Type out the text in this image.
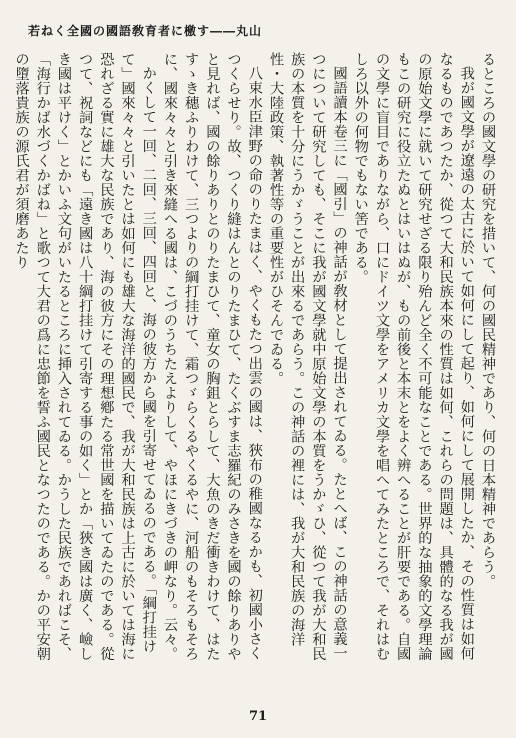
若ねく全國の國語敎育者に檄す――丸山

るところの國文學の研究を措いて、何の國民精神であり、何の日本精神であらう。

我が國文學が遼遠の太古に於いて如何にして起り、如何にして展開したか、その性質は如何なるものであつたか、從つて大和民族本來の性質は如何、これらの問題は、具體的なる我が國の原始文學に就いて研究せざる限り殆んど全く不可能なことである。世界的な抽象的文學理論もこの研究に役立たぬとはいはぬが、もの前後と本末とをよく辨へることが肝要である。自國の文學に盲目でありながら、口にドイツ文學をアメリカ文學を唱へてみたところで、それはむしろ以外の何物でもない筈である。

國語讀本卷三に「國引」の神話が敎材として提出されてゐる。たとへば、この神話の意義一つについて研究しても、そこに我が國文學就中原始文學の本質をうかゞひ、從つて我が大和民族の本質を十分にうかゞうことが出來るであらう。この神話の裡には、我が大和民族の海洋性・大陸政策、執著性等の重要性がひそんでゐる。

八束水臣津野の命のりたまはく、やくもたつ出雲の國は、狹布の稚國なるかも、初國小さくつくらせり。故、つくり縫はんとのりたまひて、たくぶすま志羅紀のみさきを國の餘りありやと見れば、國の餘りありとのりたまひて、童女の胸鉏とらして、大魚のきだ衝きわけて、はたすゝき穗ふりわけて、三つよりの綱打挂けて、霜つゞらくるやくるやに、河船のもそろもそろに、國來々々と引き來縫へる國は、こづのうちたえよりして、やほにきづきの岬なり。云々。

かくして一回、二回、三回、四回と、海の彼方から國を引寄せてゐるのである。「綱打挂けて」國來々々と引いたとは如何にも雄大な海洋的國民で、我が大和民族は上古に於いては海に恐れざる實に雄大な民族であり、海の彼方にその理想鄕たる常世國を描いてゐたのである。從つて、祝詞などにも「遠き國は八十綱打挂けて引寄する事の如く」とか「狹き國は廣く、嶮しき國は平けく」とかいふ文句がいたるところに挿入されてゐる。かうした民族であればこそ、「海行かば水づくかばね」と歌つて大君の爲に忠節を誓ふ國民となつたのである。かの平安朝の墮落貴族の源氏君が須磨あたり

71
